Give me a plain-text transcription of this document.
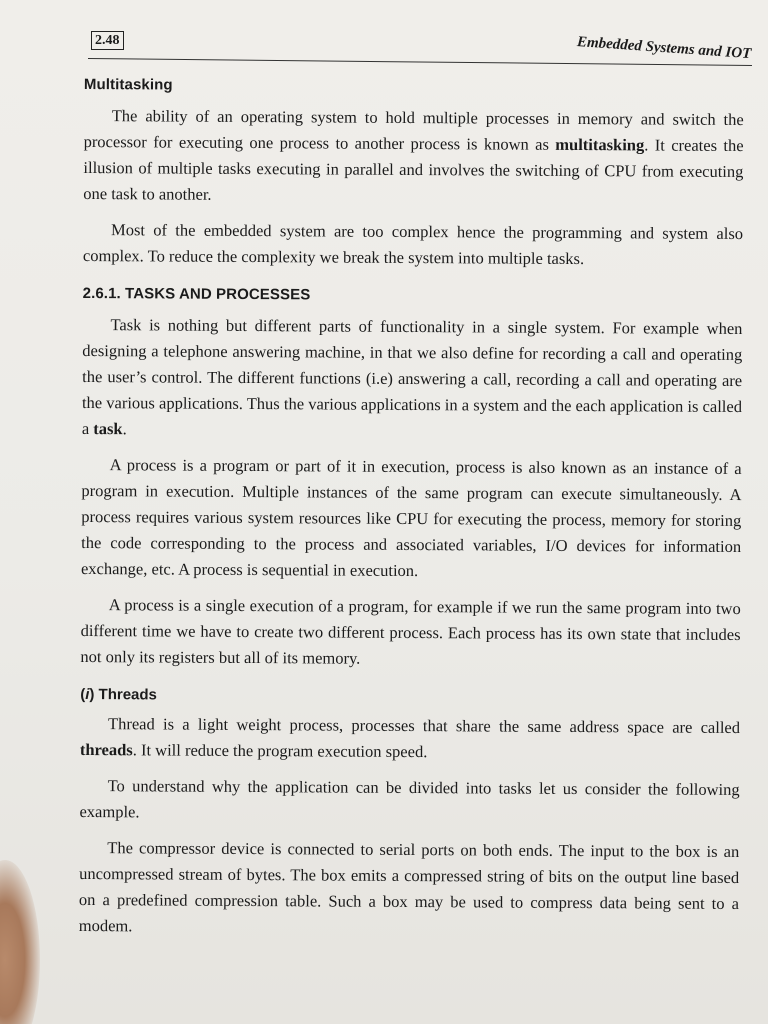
2.48	Embedded Systems and IOT
Multitasking

The ability of an operating system to hold multiple processes in memory and switch the processor for executing one process to another process is known as multitasking. It creates the illusion of multiple tasks executing in parallel and involves the switching of CPU from executing one task to another.

Most of the embedded system are too complex hence the programming and system also complex. To reduce the complexity we break the system into multiple tasks.

2.6.1. TASKS AND PROCESSES

Task is nothing but different parts of functionality in a single system. For example when designing a telephone answering machine, in that we also define for recording a call and operating the user’s control. The different functions (i.e) answering a call, recording a call and operating are the various applications. Thus the various applications in a system and the each application is called a task.

A process is a program or part of it in execution, process is also known as an instance of a program in execution. Multiple instances of the same program can execute simultaneously. A process requires various system resources like CPU for executing the process, memory for storing the code corresponding to the process and associated variables, I/O devices for information exchange, etc. A process is sequential in execution.

A process is a single execution of a program, for example if we run the same program into two different time we have to create two different process. Each process has its own state that includes not only its registers but all of its memory.

(i) Threads

Thread is a light weight process, processes that share the same address space are called threads. It will reduce the program execution speed.

To understand why the application can be divided into tasks let us consider the following example.

The compressor device is connected to serial ports on both ends. The input to the box is an uncompressed stream of bytes. The box emits a compressed string of bits on the output line based on a predefined compression table. Such a box may be used to compress data being sent to a modem.
